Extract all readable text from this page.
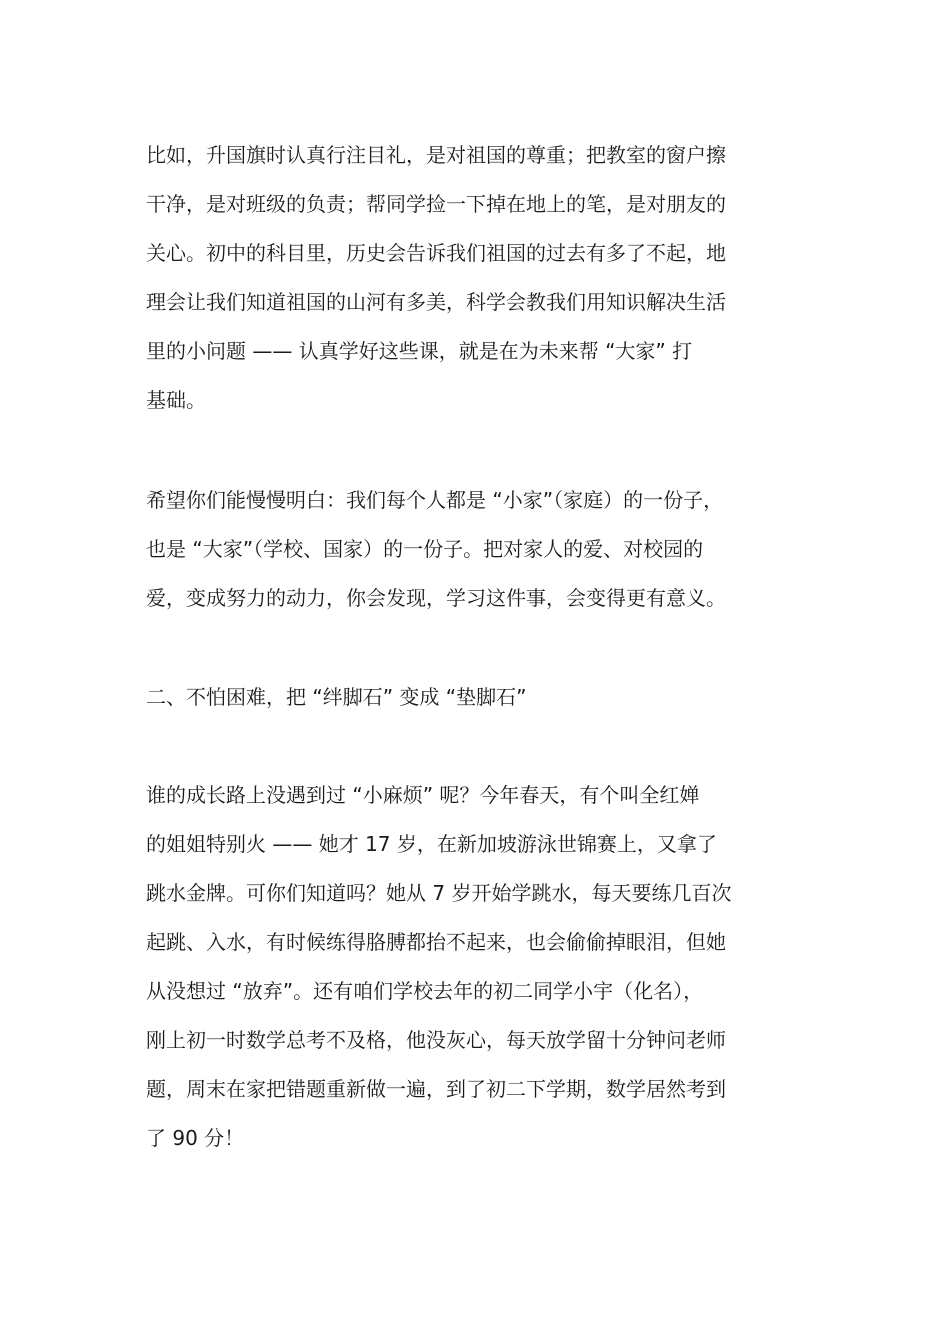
比如，升国旗时认真行注目礼，是对祖国的尊重；把教室的窗户擦
干净，是对班级的负责；帮同学捡一下掉在地上的笔，是对朋友的
关心。初中的科目里，历史会告诉我们祖国的过去有多了不起，地
理会让我们知道祖国的山河有多美，科学会教我们用知识解决生活
里的小问题 —— 认真学好这些课，就是在为未来帮 “大家” 打
基础。
希望你们能慢慢明白：我们每个人都是 “小家”（家庭）的一份子，
也是 “大家”（学校、国家）的一份子。把对家人的爱、对校园的
爱，变成努力的动力，你会发现，学习这件事，会变得更有意义。
二、不怕困难，把 “绊脚石” 变成 “垫脚石”
谁的成长路上没遇到过 “小麻烦” 呢？今年春天，有个叫全红婵
的姐姐特别火 —— 她才 17 岁，在新加坡游泳世锦赛上，又拿了
跳水金牌。可你们知道吗？她从 7 岁开始学跳水，每天要练几百次
起跳、入水，有时候练得胳膊都抬不起来，也会偷偷掉眼泪，但她
从没想过 “放弃”。还有咱们学校去年的初二同学小宇（化名），
刚上初一时数学总考不及格，他没灰心，每天放学留十分钟问老师
题，周末在家把错题重新做一遍，到了初二下学期，数学居然考到
了 90 分！
